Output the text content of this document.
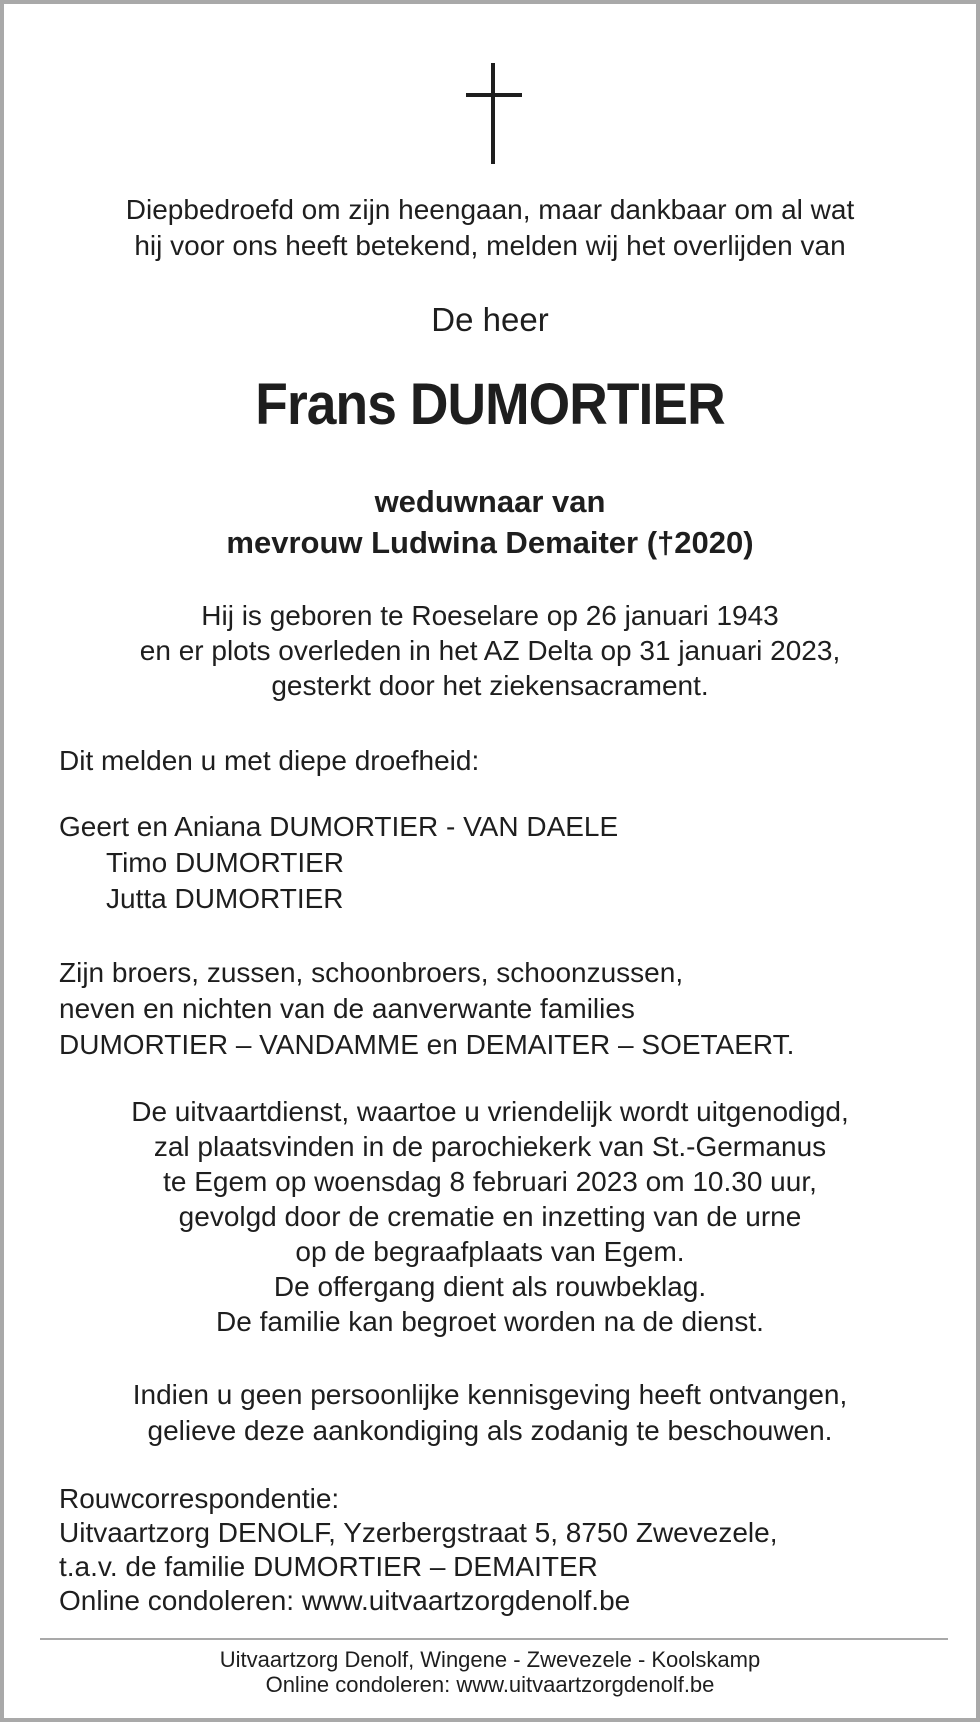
Diepbedroefd om zijn heengaan, maar dankbaar om al wat
hij voor ons heeft betekend, melden wij het overlijden van
De heer
Frans DUMORTIER
weduwnaar van
mevrouw Ludwina Demaiter (†2020)
Hij is geboren te Roeselare op 26 januari 1943
en er plots overleden in het AZ Delta op 31 januari 2023,
gesterkt door het ziekensacrament.
Dit melden u met diepe droefheid:
Geert en Aniana DUMORTIER - VAN DAELE
Timo DUMORTIER
Jutta DUMORTIER
Zijn broers, zussen, schoonbroers, schoonzussen,
neven en nichten van de aanverwante families
DUMORTIER – VANDAMME en DEMAITER – SOETAERT.
De uitvaartdienst, waartoe u vriendelijk wordt uitgenodigd,
zal plaatsvinden in de parochiekerk van St.-Germanus
te Egem op woensdag 8 februari 2023 om 10.30 uur,
gevolgd door de crematie en inzetting van de urne
op de begraafplaats van Egem.
De offergang dient als rouwbeklag.
De familie kan begroet worden na de dienst.
Indien u geen persoonlijke kennisgeving heeft ontvangen,
gelieve deze aankondiging als zodanig te beschouwen.
Rouwcorrespondentie:
Uitvaartzorg DENOLF, Yzerbergstraat 5, 8750 Zwevezele,
t.a.v. de familie DUMORTIER – DEMAITER
Online condoleren: www.uitvaartzorgdenolf.be
Uitvaartzorg Denolf, Wingene - Zwevezele - Koolskamp
Online condoleren: www.uitvaartzorgdenolf.be
